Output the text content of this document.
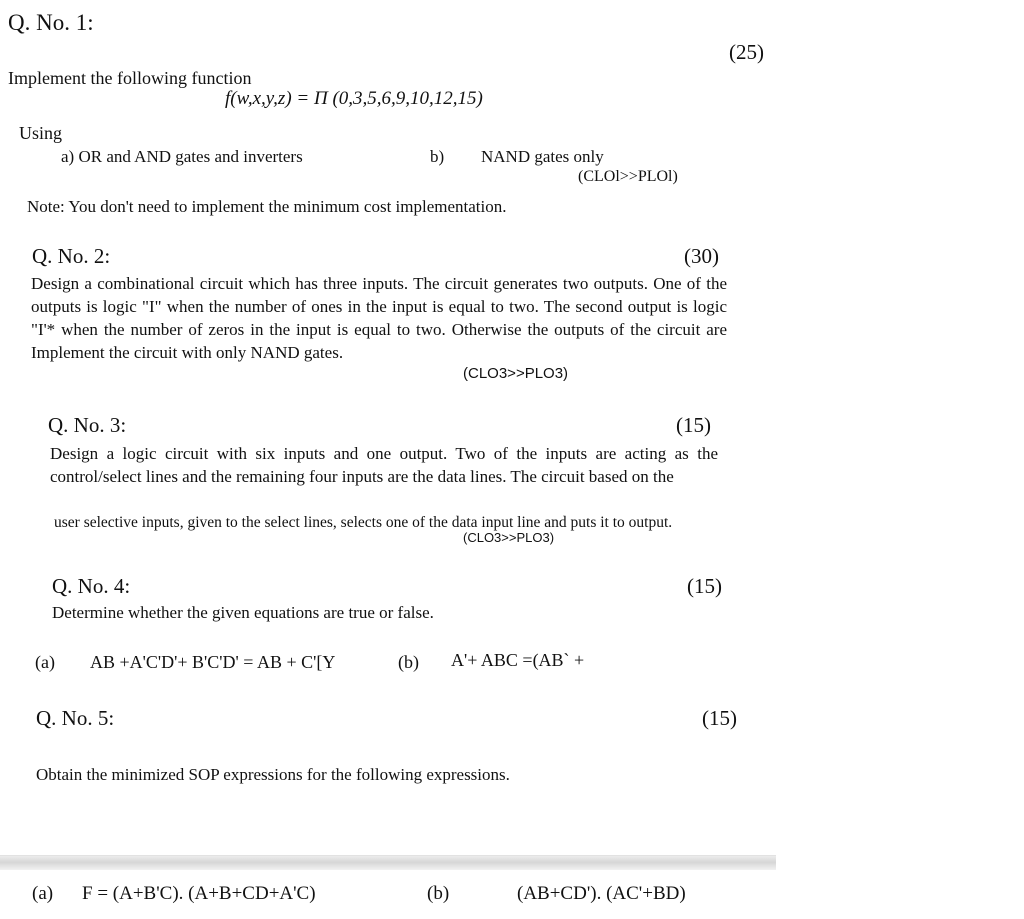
Q. No. 1:
(25)
Implement the following function
f(w,x,y,z) = Π (0,3,5,6,9,10,12,15)
Using
a) OR and AND gates and inverters	b) NAND gates only
(CLOl>>PLOl)
Note: You don't need to implement the minimum cost implementation.
Q. No. 2:	(30)
Design a combinational circuit which has three inputs. The circuit generates two outputs. One of the outputs is logic "I" when the number of ones in the input is equal to two. The second output is logic "I'* when the number of zeros in the input is equal to two. Otherwise the outputs of the circuit are Implement the circuit with only NAND gates.
(CLO3>>PLO3)
Q. No. 3:	(15)
Design a logic circuit with six inputs and one output. Two of the inputs are acting as the control/select lines and the remaining four inputs are the data lines. The circuit based on the
user selective inputs, given to the select lines, selects one of the data input line and puts it to output.
(CLO3>>PLO3)
Q. No. 4:	(15)
Determine whether the given equations are true or false.
(a) AB +A'C'D'+ B'C'D' = AB + C'[Y	(b) A'+ ABC =(AB` +
Q. No. 5:	(15)
Obtain the minimized SOP expressions for the following expressions.
(a) F = (A+B'C). (A+B+CD+A'C)	(b)	(AB+CD'). (AC'+BD)
